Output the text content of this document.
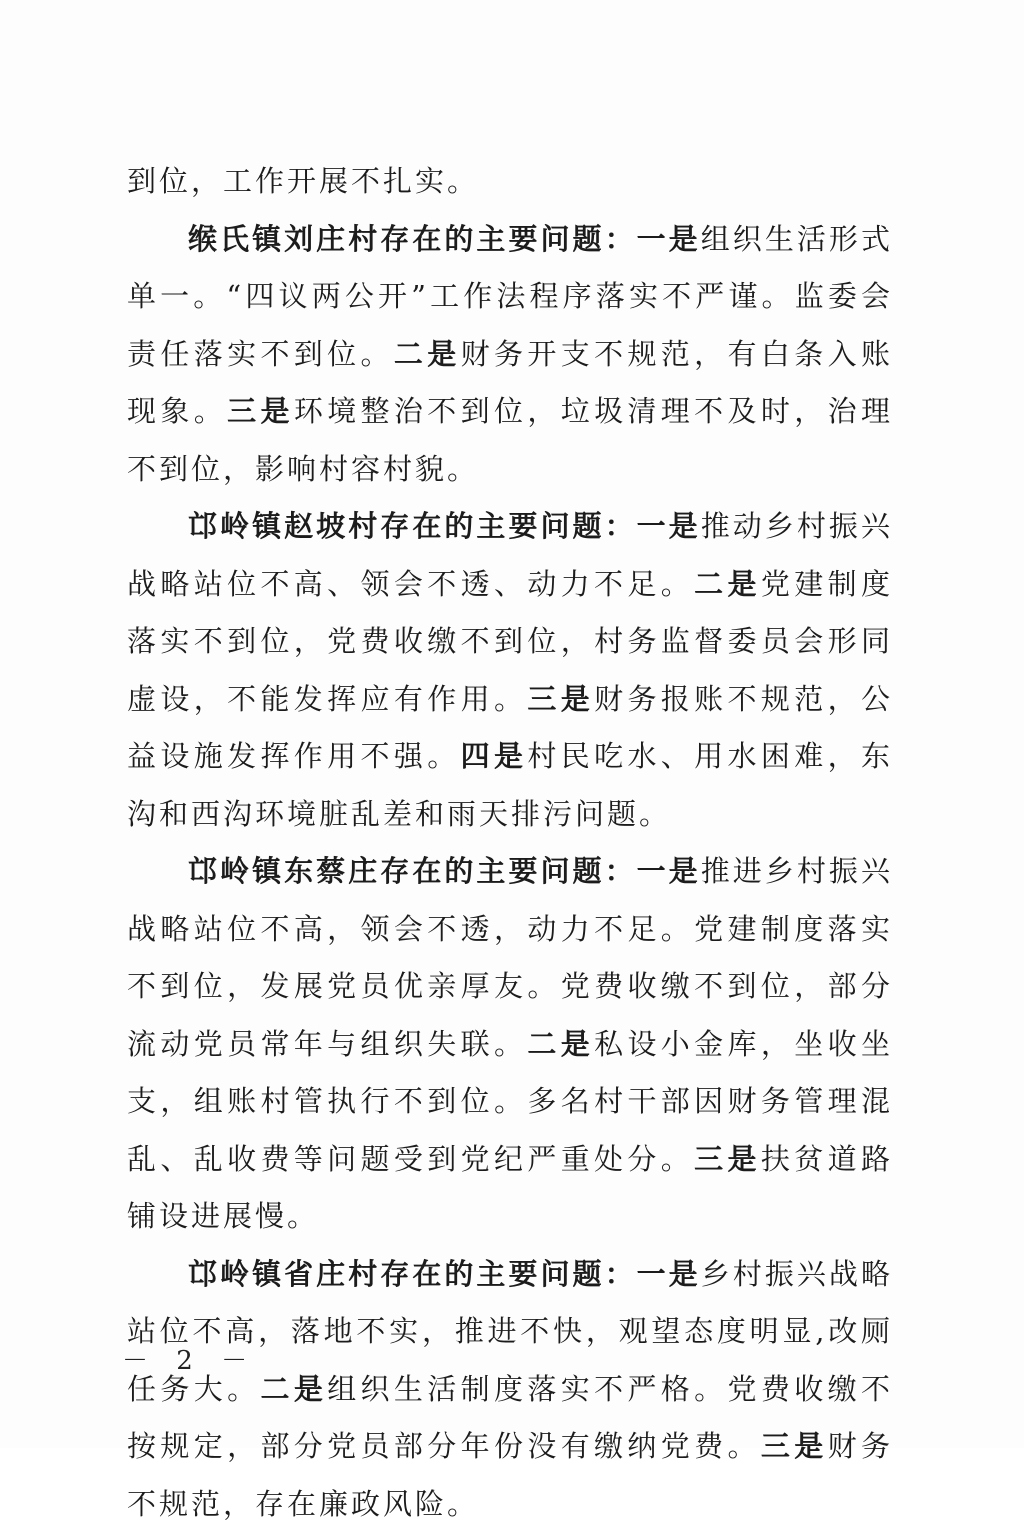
到位，工作开展不扎实。

缑氏镇刘庄村存在的主要问题：一是组织生活形式单一。“四议两公开”工作法程序落实不严谨。监委会责任落实不到位。二是财务开支不规范，有白条入账现象。三是环境整治不到位，垃圾清理不及时，治理不到位，影响村容村貌。

邙岭镇赵坡村存在的主要问题：一是推动乡村振兴战略站位不高、领会不透、动力不足。二是党建制度落实不到位，党费收缴不到位，村务监督委员会形同虚设，不能发挥应有作用。三是财务报账不规范，公益设施发挥作用不强。四是村民吃水、用水困难，东沟和西沟环境脏乱差和雨天排污问题。

邙岭镇东蔡庄存在的主要问题：一是推进乡村振兴战略站位不高，领会不透，动力不足。党建制度落实不到位，发展党员优亲厚友。党费收缴不到位，部分流动党员常年与组织失联。二是私设小金库，坐收坐支，组账村管执行不到位。多名村干部因财务管理混乱、乱收费等问题受到党纪严重处分。三是扶贫道路铺设进展慢。

邙岭镇省庄村存在的主要问题：一是乡村振兴战略站位不高，落地不实，推进不快，观望态度明显,改厕任务大。二是组织生活制度落实不严格。党费收缴不按规定，部分党员部分年份没有缴纳党费。三是财务不规范，存在廉政风险。

－ 2 －
